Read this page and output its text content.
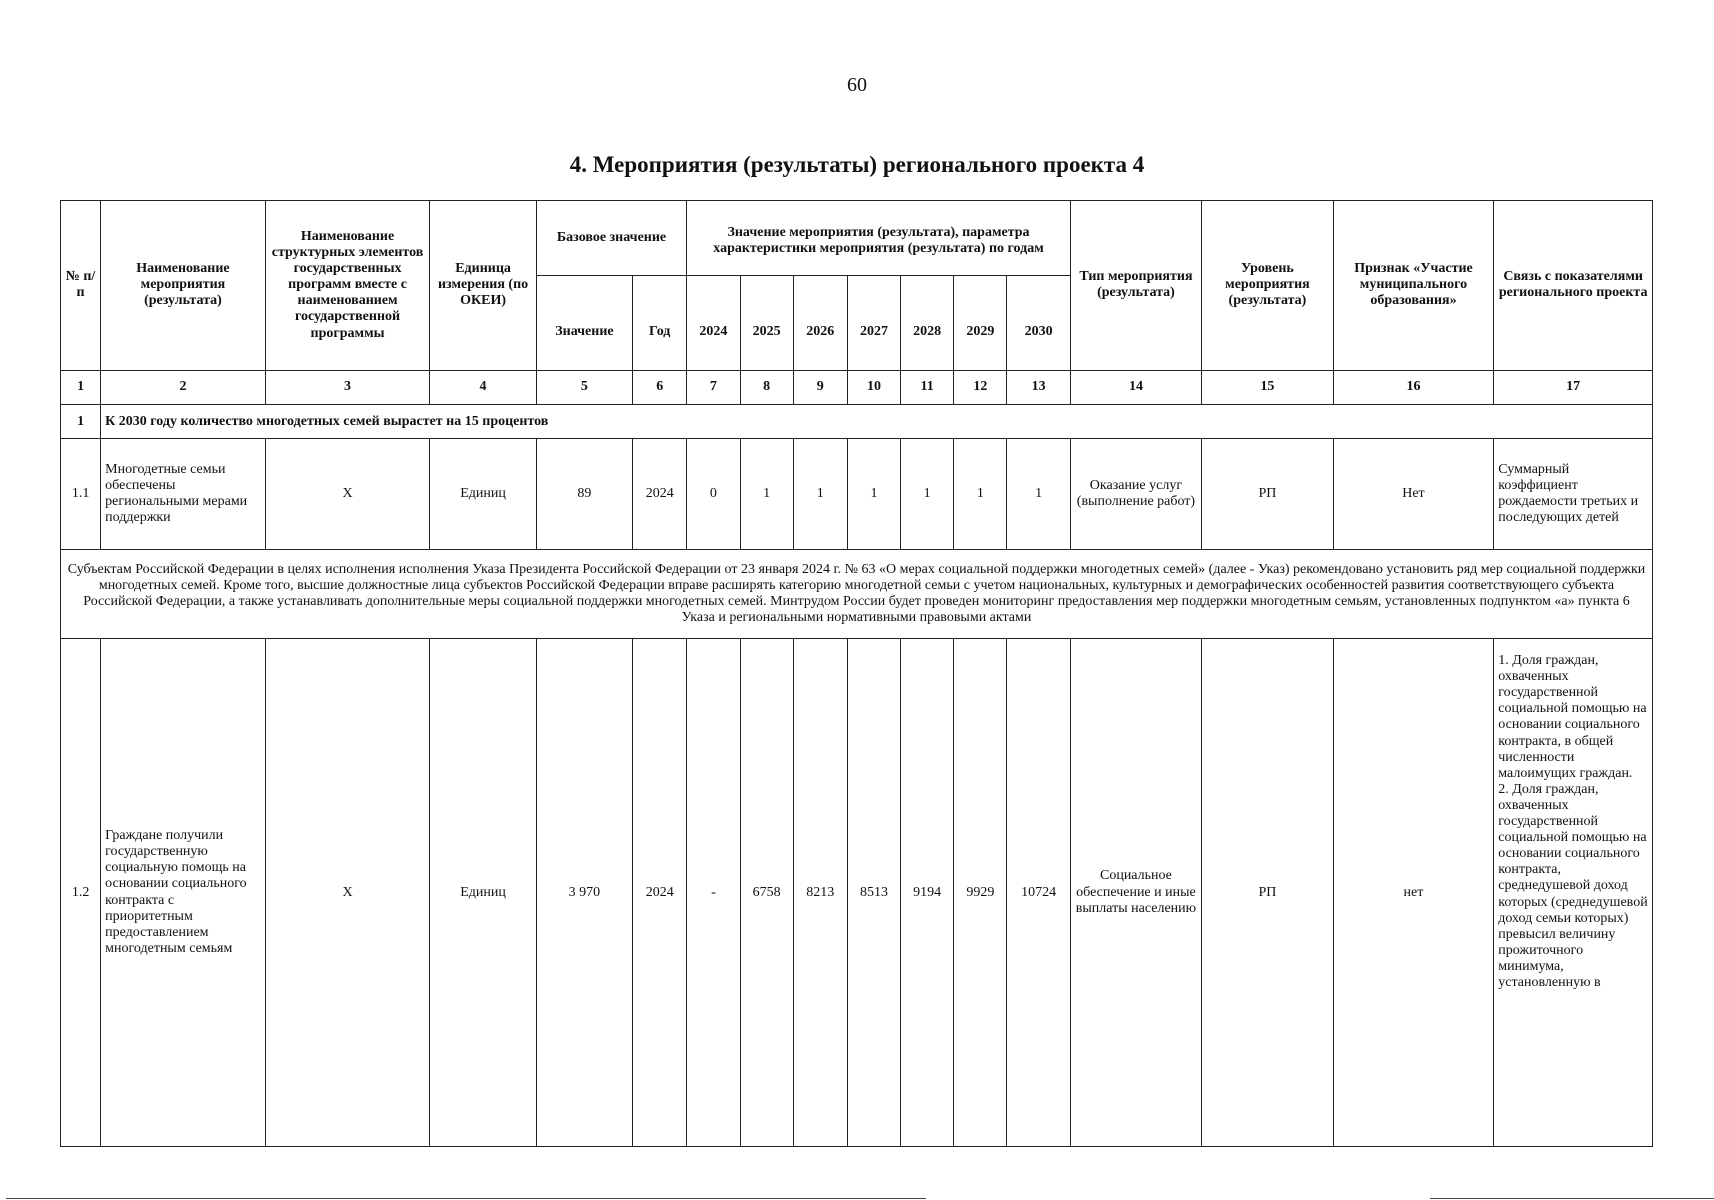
60
4. Мероприятия (результаты) регионального проекта 4
№ п/п	Наименование мероприятия (результата)	Наименование структурных элементов государственных программ вместе с наименованием государственной программы	Единица измерения (по ОКЕИ)	Базовое значение		Значение мероприятия (результата), параметра характеристики мероприятия (результата) по годам							Тип мероприятия (результата)	Уровень мероприятия (результата)	Признак «Участие муниципального образования»	Связь с показателями регионального проекта
				Значение	Год	2024	2025	2026	2027	2028	2029	2030				
1	2	3	4	5	6	7	8	9	10	11	12	13	14	15	16	17
1	К 2030 году количество многодетных семей вырастет на 15 процентов															
1.1	Многодетные семьи обеспечены региональными мерами поддержки	Х	Единиц	89	2024	0	1	1	1	1	1	1	Оказание услуг (выполнение работ)	РП	Нет	Суммарный коэффициент рождаемости третьих и последующих детей
Субъектам Российской Федерации в целях исполнения исполнения Указа Президента Российской Федерации от 23 января 2024 г. № 63 «О мерах социальной поддержки многодетных семей» (далее - Указ) рекомендовано установить ряд мер социальной поддержки многодетных семей. Кроме того, высшие должностные лица субъектов Российской Федерации вправе расширять категорию многодетной семьи с учетом национальных, культурных и демографических особенностей развития соответствующего субъекта Российской Федерации, а также устанавливать дополнительные меры социальной поддержки многодетных семей. Минтрудом России будет проведен мониторинг предоставления мер поддержки многодетным семьям, установленных подпунктом «а» пункта 6 Указа и региональными нормативными правовыми актами																
1.2	Граждане получили государственную социальную помощь на основании социального контракта с приоритетным предоставлением многодетным семьям	Х	Единиц	3 970	2024	-	6758	8213	8513	9194	9929	10724	Социальное обеспечение и иные выплаты населению	РП	нет	1. Доля граждан, охваченных государственной социальной помощью на основании социального контракта, в общей численности малоимущих граждан.
2. Доля граждан, охваченных государственной социальной помощью на основании социального контракта, среднедушевой доход которых (среднедушевой доход семьи которых) превысил величину прожиточного минимума, установленную в
